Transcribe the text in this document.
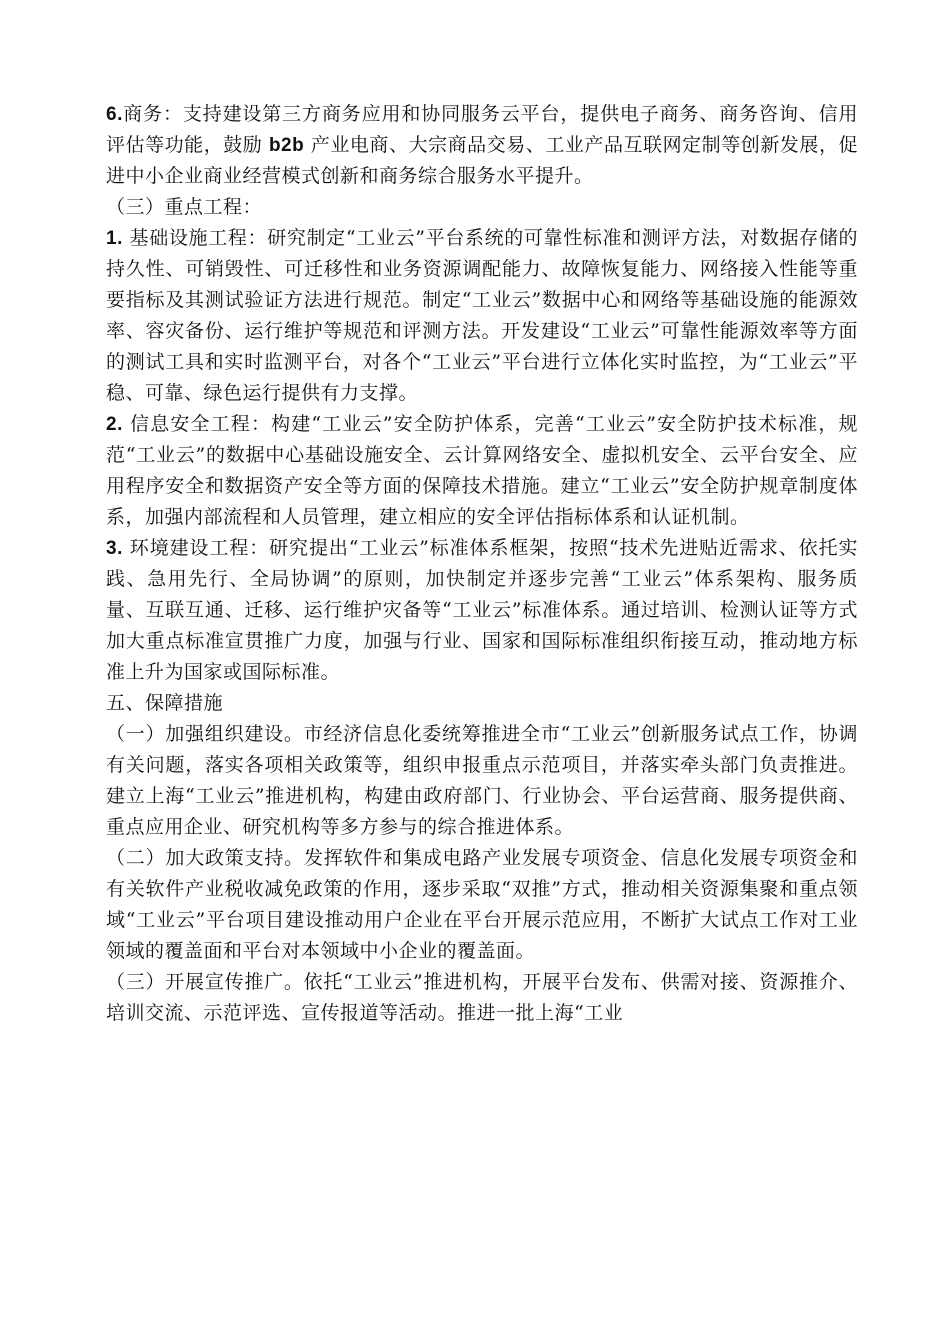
6.商务：支持建设第三方商务应用和协同服务云平台，提供电子商务、商务咨询、信用评估等功能，鼓励 b2b 产业电商、大宗商品交易、工业产品互联网定制等创新发展，促进中小企业商业经营模式创新和商务综合服务水平提升。

（三）重点工程：

1. 基础设施工程：研究制定“工业云”平台系统的可靠性标准和测评方法，对数据存储的持久性、可销毁性、可迁移性和业务资源调配能力、故障恢复能力、网络接入性能等重要指标及其测试验证方法进行规范。制定“工业云”数据中心和网络等基础设施的能源效率、容灾备份、运行维护等规范和评测方法。开发建设“工业云”可靠性能源效率等方面的测试工具和实时监测平台，对各个“工业云”平台进行立体化实时监控，为“工业云”平稳、可靠、绿色运行提供有力支撑。

2. 信息安全工程：构建“工业云”安全防护体系，完善“工业云”安全防护技术标准，规范“工业云”的数据中心基础设施安全、云计算网络安全、虚拟机安全、云平台安全、应用程序安全和数据资产安全等方面的保障技术措施。建立“工业云”安全防护规章制度体系，加强内部流程和人员管理，建立相应的安全评估指标体系和认证机制。

3. 环境建设工程：研究提出“工业云”标准体系框架，按照“技术先进贴近需求、依托实践、急用先行、全局协调”的原则，加快制定并逐步完善“工业云”体系架构、服务质量、互联互通、迁移、运行维护灾备等“工业云”标准体系。通过培训、检测认证等方式加大重点标准宣贯推广力度，加强与行业、国家和国际标准组织衔接互动，推动地方标准上升为国家或国际标准。

五、保障措施

（一）加强组织建设。市经济信息化委统筹推进全市“工业云”创新服务试点工作，协调有关问题，落实各项相关政策等，组织申报重点示范项目，并落实牵头部门负责推进。建立上海“工业云”推进机构，构建由政府部门、行业协会、平台运营商、服务提供商、重点应用企业、研究机构等多方参与的综合推进体系。

（二）加大政策支持。发挥软件和集成电路产业发展专项资金、信息化发展专项资金和有关软件产业税收减免政策的作用，逐步采取“双推”方式，推动相关资源集聚和重点领域“工业云”平台项目建设推动用户企业在平台开展示范应用，不断扩大试点工作对工业领域的覆盖面和平台对本领域中小企业的覆盖面。

（三）开展宣传推广。依托“工业云”推进机构，开展平台发布、供需对接、资源推介、培训交流、示范评选、宣传报道等活动。推进一批上海“工业
